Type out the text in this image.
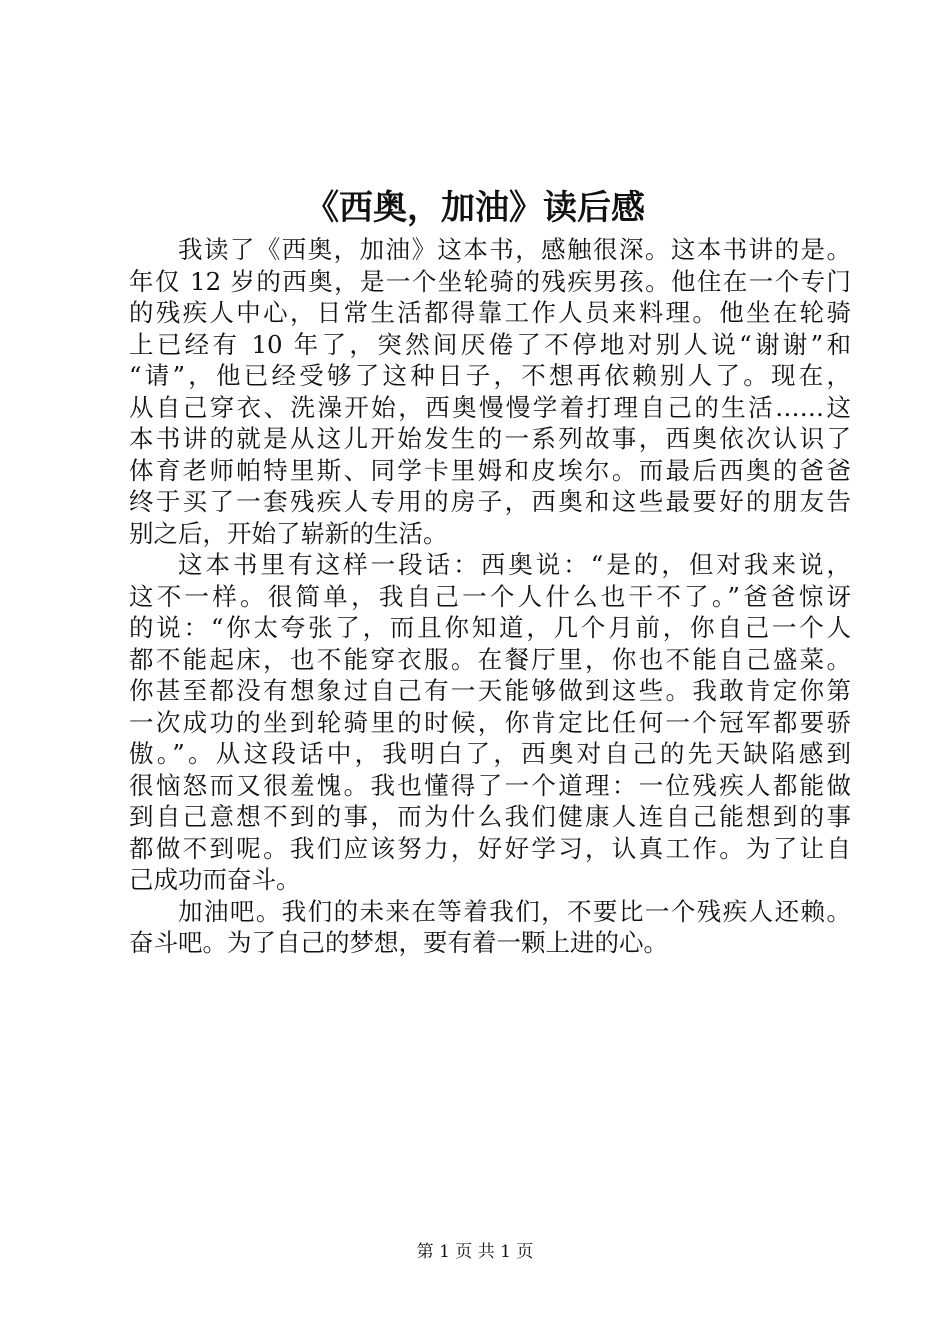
《西奥，加油》读后感
我读了《西奥，加油》这本书，感触很深。这本书讲的是。
年仅 12 岁的西奥，是一个坐轮骑的残疾男孩。他住在一个专门
的残疾人中心，日常生活都得靠工作人员来料理。他坐在轮骑
上已经有 10 年了，突然间厌倦了不停地对别人说“谢谢”和
“请”，他已经受够了这种日子，不想再依赖别人了。现在，
从自己穿衣、洗澡开始，西奥慢慢学着打理自己的生活……这
本书讲的就是从这儿开始发生的一系列故事，西奥依次认识了
体育老师帕特里斯、同学卡里姆和皮埃尔。而最后西奥的爸爸
终于买了一套残疾人专用的房子，西奥和这些最要好的朋友告
别之后，开始了崭新的生活。
这本书里有这样一段话：西奥说：“是的，但对我来说，
这不一样。很简单，我自己一个人什么也干不了。”爸爸惊讶
的说：“你太夸张了，而且你知道，几个月前，你自己一个人
都不能起床，也不能穿衣服。在餐厅里，你也不能自己盛菜。
你甚至都没有想象过自己有一天能够做到这些。我敢肯定你第
一次成功的坐到轮骑里的时候，你肯定比任何一个冠军都要骄
傲。”。从这段话中，我明白了，西奥对自己的先天缺陷感到
很恼怒而又很羞愧。我也懂得了一个道理：一位残疾人都能做
到自己意想不到的事，而为什么我们健康人连自己能想到的事
都做不到呢。我们应该努力，好好学习，认真工作。为了让自
己成功而奋斗。
加油吧。我们的未来在等着我们，不要比一个残疾人还赖。
奋斗吧。为了自己的梦想，要有着一颗上进的心。
第 1 页 共 1 页
